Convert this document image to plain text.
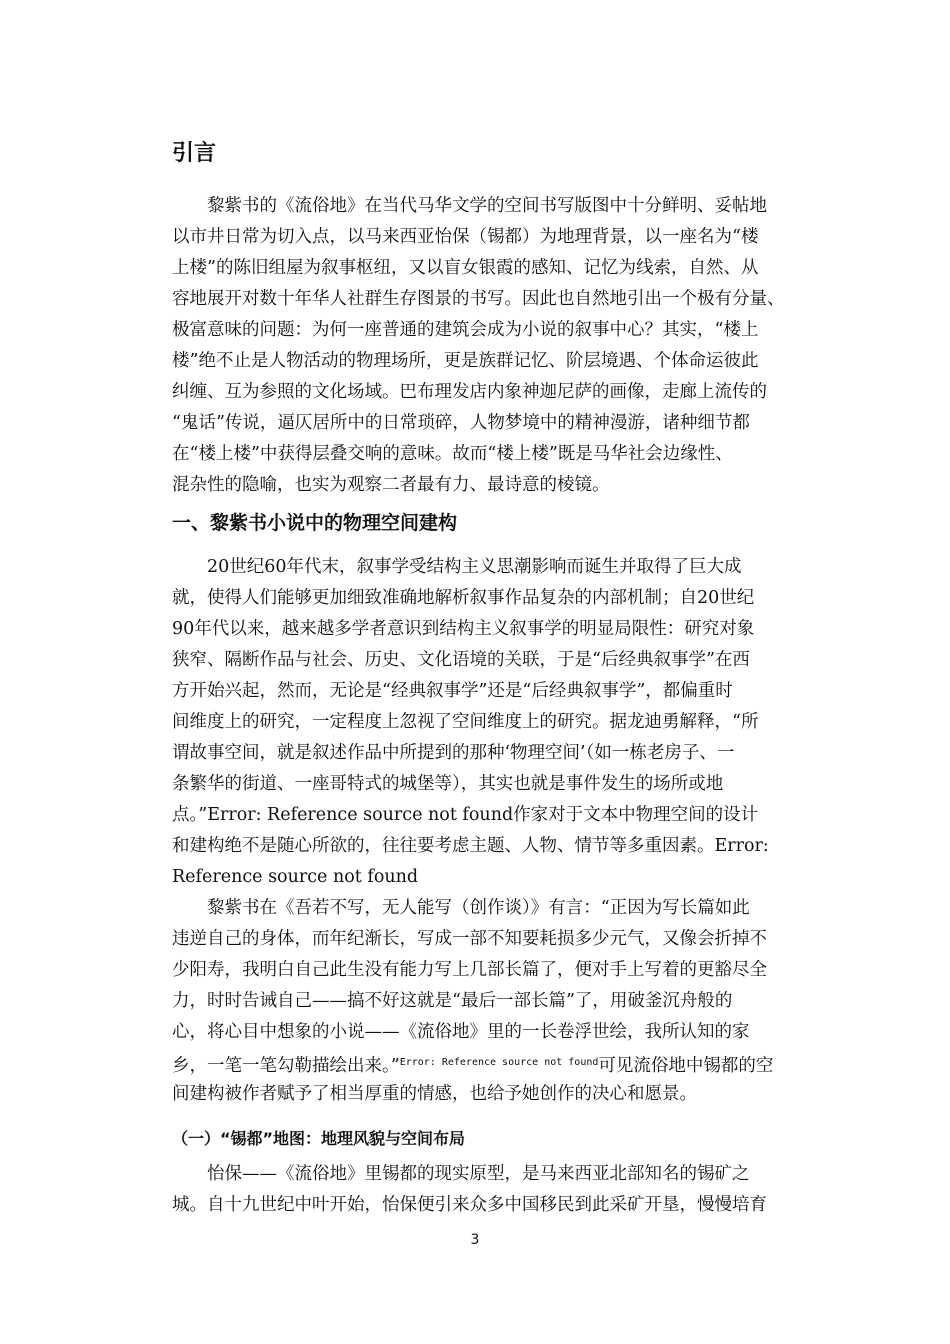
引言
黎紫书的《流俗地》在当代马华文学的空间书写版图中十分鲜明、妥帖地
以市井日常为切入点，以马来西亚怡保（锡都）为地理背景，以一座名为“楼
上楼”的陈旧组屋为叙事枢纽，又以盲女银霞的感知、记忆为线索，自然、从
容地展开对数十年华人社群生存图景的书写。因此也自然地引出一个极有分量、
极富意味的问题：为何一座普通的建筑会成为小说的叙事中心？其实，“楼上
楼”绝不止是人物活动的物理场所，更是族群记忆、阶层境遇、个体命运彼此
纠缠、互为参照的文化场域。巴布理发店内象神迦尼萨的画像，走廊上流传的
“鬼话”传说，逼仄居所中的日常琐碎，人物梦境中的精神漫游，诸种细节都
在“楼上楼”中获得层叠交响的意味。故而“楼上楼”既是马华社会边缘性、
混杂性的隐喻，也实为观察二者最有力、最诗意的棱镜。
一、黎紫书小说中的物理空间建构
20世纪60年代末，叙事学受结构主义思潮影响而诞生并取得了巨大成
就，使得人们能够更加细致准确地解析叙事作品复杂的内部机制；自20世纪
90年代以来，越来越多学者意识到结构主义叙事学的明显局限性：研究对象
狭窄、隔断作品与社会、历史、文化语境的关联，于是“后经典叙事学”在西
方开始兴起，然而，无论是“经典叙事学”还是“后经典叙事学”，都偏重时
间维度上的研究，一定程度上忽视了空间维度上的研究。据龙迪勇解释，“所
谓故事空间，就是叙述作品中所提到的那种‘物理空间’（如一栋老房子、一
条繁华的街道、一座哥特式的城堡等），其实也就是事件发生的场所或地
点。”Error: Reference source not found作家对于文本中物理空间的设计
和建构绝不是随心所欲的，往往要考虑主题、人物、情节等多重因素。Error:
Reference source not found
黎紫书在《吾若不写，无人能写（创作谈）》有言：“正因为写长篇如此
违逆自己的身体，而年纪渐长，写成一部不知要耗损多少元气，又像会折掉不
少阳寿，我明白自己此生没有能力写上几部长篇了，便对手上写着的更豁尽全
力，时时告诫自己——搞不好这就是“最后一部长篇”了，用破釜沉舟般的
心，将心目中想象的小说——《流俗地》里的一长卷浮世绘，我所认知的家
乡，一笔一笔勾勒描绘出来。”$^{Error: Reference source not found}$可见流俗地中锡都的空
间建构被作者赋予了相当厚重的情感，也给予她创作的决心和愿景。
（一）“锡都”地图：地理风貌与空间布局
怡保——《流俗地》里锡都的现实原型，是马来西亚北部知名的锡矿之
城。自十九世纪中叶开始，怡保便引来众多中国移民到此采矿开垦，慢慢培育
3
